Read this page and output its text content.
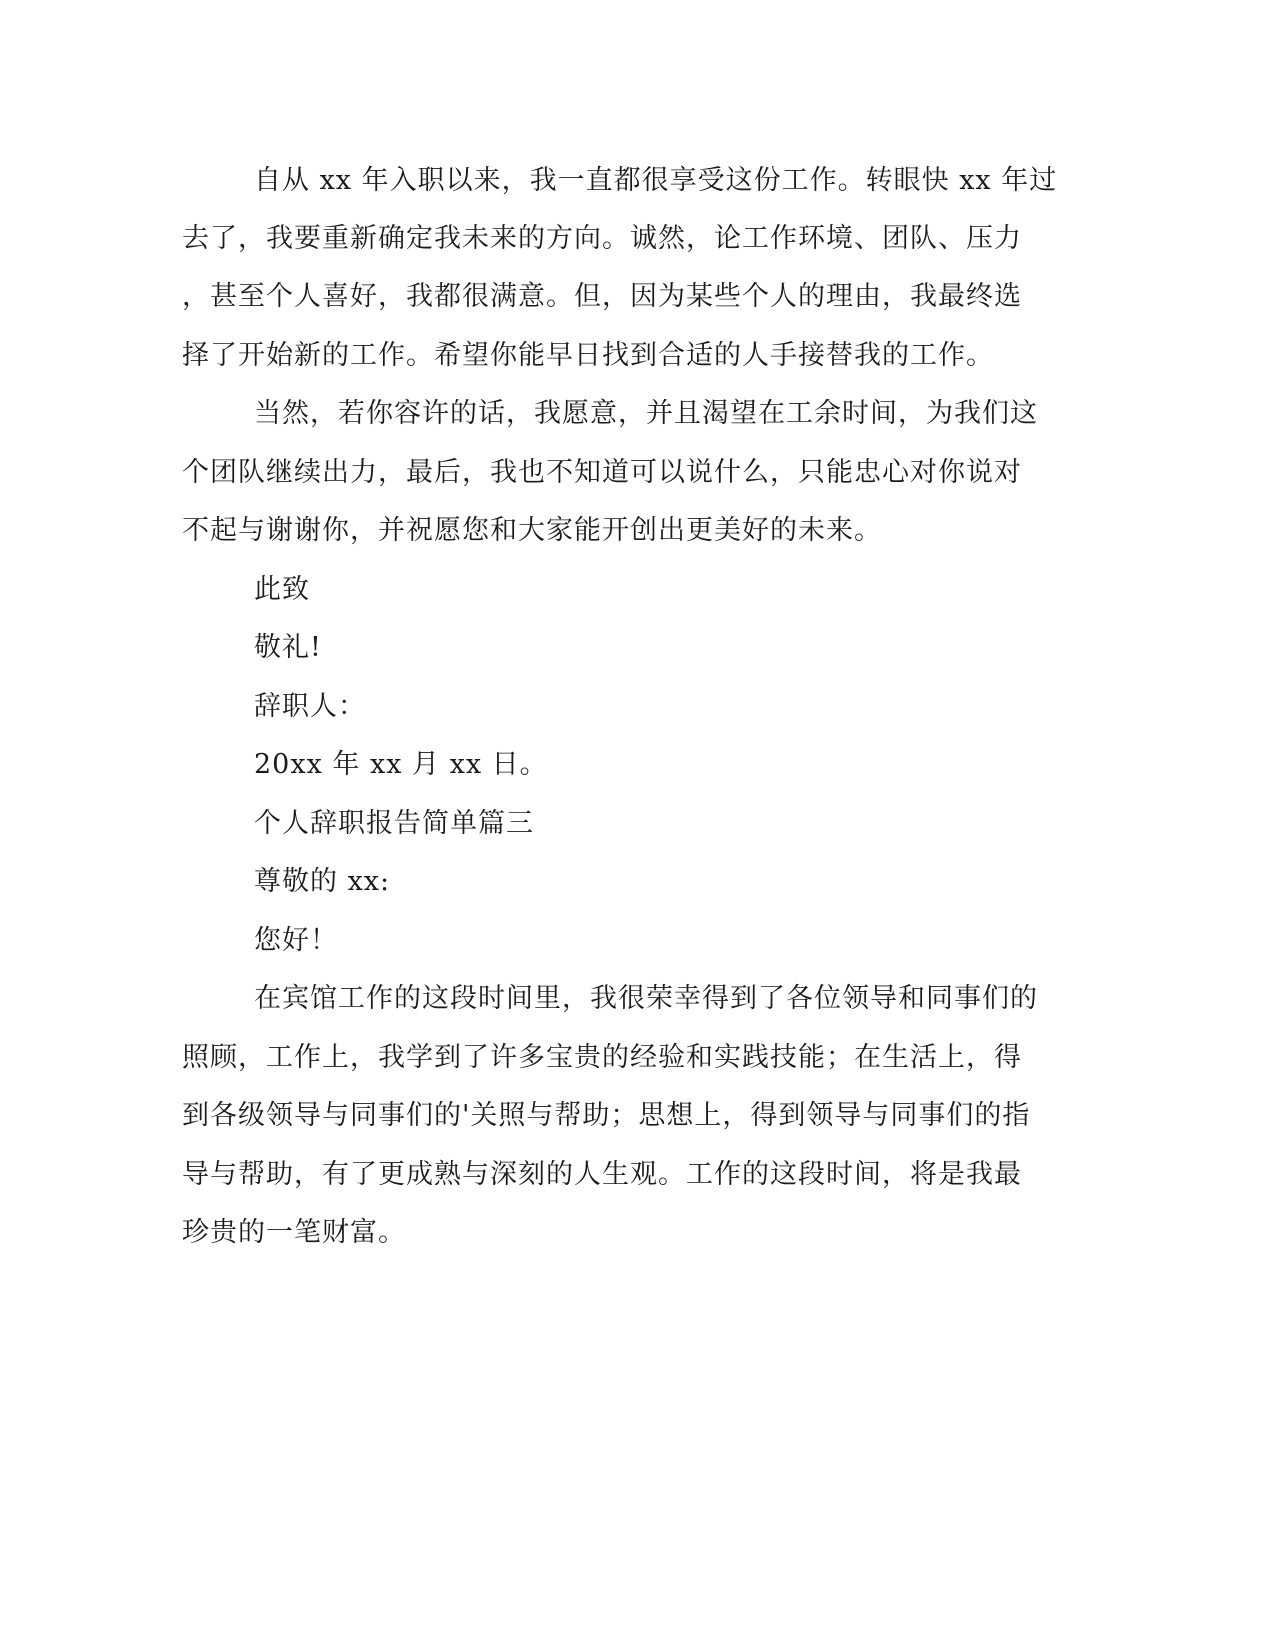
自从 xx 年入职以来，我一直都很享受这份工作。转眼快 xx 年过
去了，我要重新确定我未来的方向。诚然，论工作环境、团队、压力
，甚至个人喜好，我都很满意。但，因为某些个人的理由，我最终选
择了开始新的工作。希望你能早日找到合适的人手接替我的工作。
当然，若你容许的话，我愿意，并且渴望在工余时间，为我们这
个团队继续出力，最后，我也不知道可以说什么，只能忠心对你说对
不起与谢谢你，并祝愿您和大家能开创出更美好的未来。
此致
敬礼!
辞职人：
20xx 年 xx 月 xx 日。
个人辞职报告简单篇三
尊敬的 xx:
您好！
在宾馆工作的这段时间里，我很荣幸得到了各位领导和同事们的
照顾，工作上，我学到了许多宝贵的经验和实践技能；在生活上，得
到各级领导与同事们的'关照与帮助；思想上，得到领导与同事们的指
导与帮助，有了更成熟与深刻的人生观。工作的这段时间，将是我最
珍贵的一笔财富。
